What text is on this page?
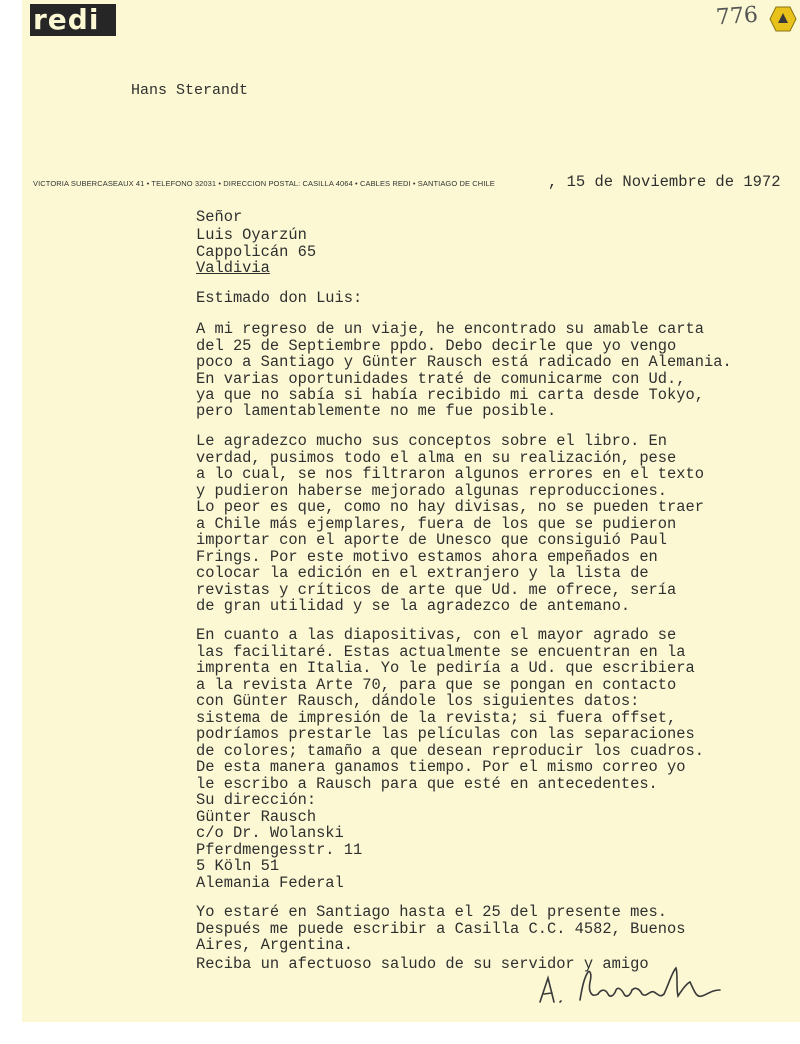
redi	776
Hans Sterandt
VICTORIA SUBERCASEAUX 41 • TELEFONO 32031 • DIRECCION POSTAL: CASILLA 4064 • CABLES REDI • SANTIAGO DE CHILE	, 15 de Noviembre de 1972
Señor
Luis Oyarzún
Cappolicán 65
Valdivia
Estimado don Luis:
A mi regreso de un viaje, he encontrado su amable carta
del 25 de Septiembre ppdo. Debo decirle que yo vengo
poco a Santiago y Günter Rausch está radicado en Alemania.
En varias oportunidades traté de comunicarme con Ud.,
ya que no sabía si había recibido mi carta desde Tokyo,
pero lamentablemente no me fue posible.
Le agradezco mucho sus conceptos sobre el libro. En
verdad, pusimos todo el alma en su realización, pese
a lo cual, se nos filtraron algunos errores en el texto
y pudieron haberse mejorado algunas reproducciones.
Lo peor es que, como no hay divisas, no se pueden traer
a Chile más ejemplares, fuera de los que se pudieron
importar con el aporte de Unesco que consiguió Paul
Frings. Por este motivo estamos ahora empeñados en
colocar la edición en el extranjero y la lista de
revistas y críticos de arte que Ud. me ofrece, sería
de gran utilidad y se la agradezco de antemano.
En cuanto a las diapositivas, con el mayor agrado se
las facilitaré. Estas actualmente se encuentran en la
imprenta en Italia. Yo le pediría a Ud. que escribiera
a la revista Arte 70, para que se pongan en contacto
con Günter Rausch, dándole los siguientes datos:
sistema de impresión de la revista; si fuera offset,
podríamos prestarle las películas con las separaciones
de colores; tamaño a que desean reproducir los cuadros.
De esta manera ganamos tiempo. Por el mismo correo yo
le escribo a Rausch para que esté en antecedentes.
Su dirección:
Günter Rausch
c/o Dr. Wolanski
Pferdmengesstr. 11
5 Köln 51
Alemania Federal
Yo estaré en Santiago hasta el 25 del presente mes.
Después me puede escribir a Casilla C.C. 4582, Buenos
Aires, Argentina.
Reciba un afectuoso saludo de su servidor y amigo
